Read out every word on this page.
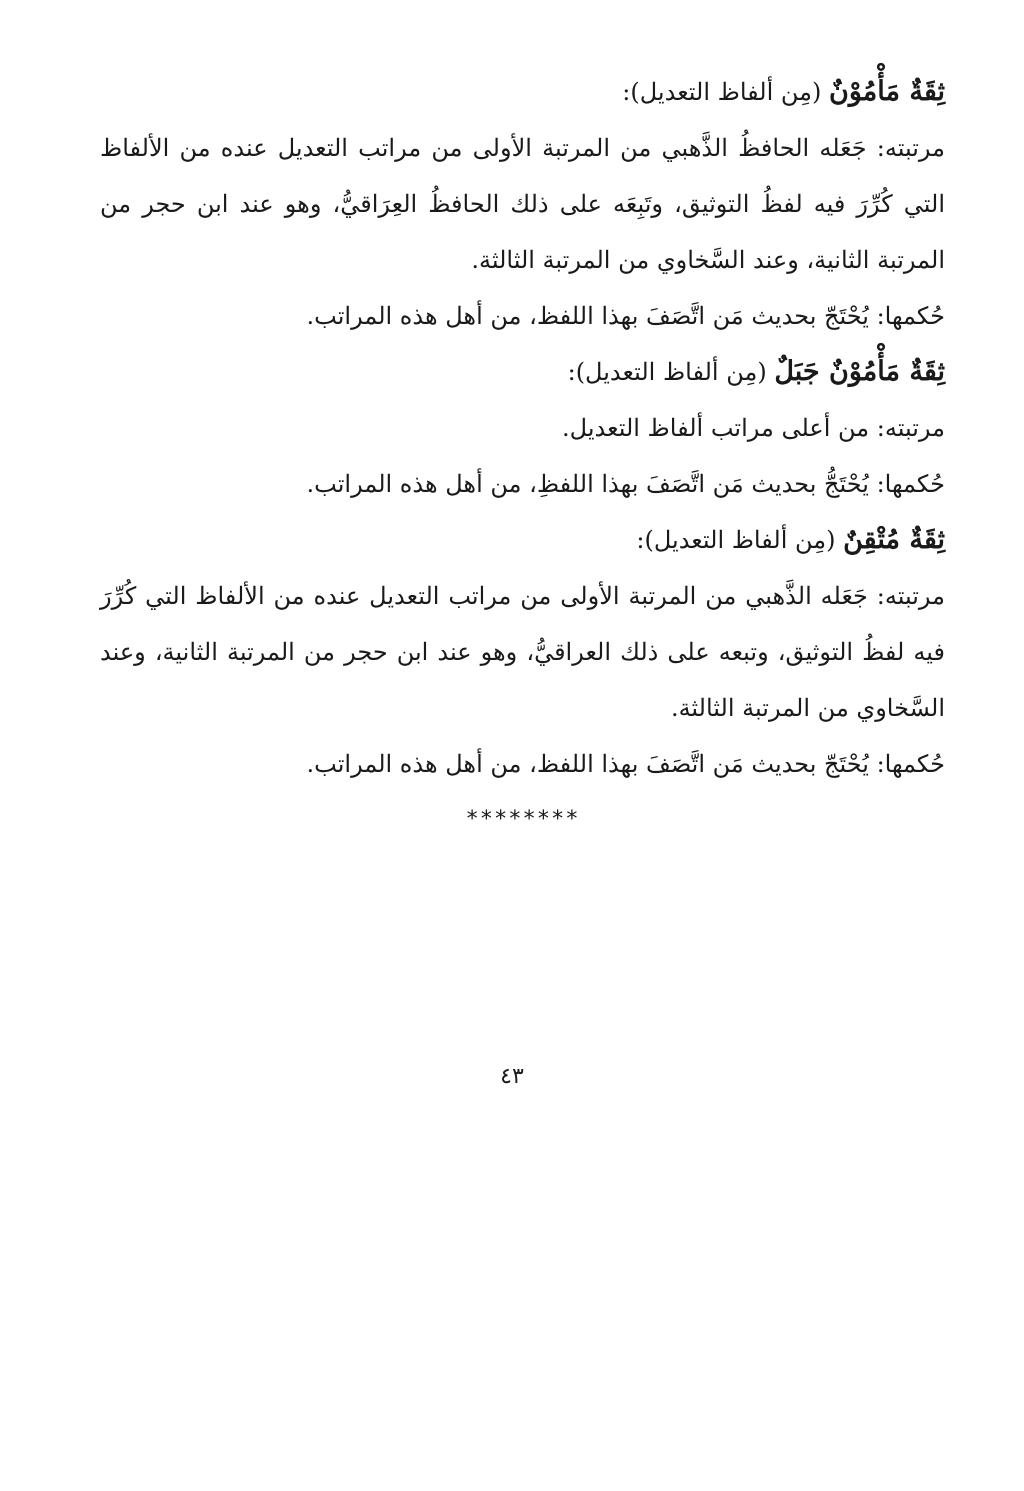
ثِقَةٌ مَأْمُوْنٌ (مِن ألفاظ التعديل):
مرتبته: جَعَله الحافظُ الذَّهبي من المرتبة الأولى من مراتب التعديل عنده من الألفاظ التي كُرِّرَ فيه لفظُ التوثيق، وتَبِعَه على ذلك الحافظُ العِرَاقيُّ، وهو عند ابن حجر من المرتبة الثانية، وعند السَّخاوي من المرتبة الثالثة.
حُكمها: يُحْتَجّ بحديث مَن اتَّصَفَ بهذا اللفظ، من أهل هذه المراتب.
ثِقَةٌ مَأْمُوْنٌ جَبَلٌ (مِن ألفاظ التعديل):
مرتبته: من أعلى مراتب ألفاظ التعديل.
حُكمها: يُحْتَجُّ بحديث مَن اتَّصَفَ بهذا اللفظِ، من أهل هذه المراتب.
ثِقَةٌ مُتْقِنٌ (مِن ألفاظ التعديل):
مرتبته: جَعَله الذَّهبي من المرتبة الأولى من مراتب التعديل عنده من الألفاظ التي كُرِّرَ فيه لفظُ التوثيق، وتبعه على ذلك العراقيُّ، وهو عند ابن حجر من المرتبة الثانية، وعند السَّخاوي من المرتبة الثالثة.
حُكمها: يُحْتَجّ بحديث مَن اتَّصَفَ بهذا اللفظ، من أهل هذه المراتب.
********
٤٣
